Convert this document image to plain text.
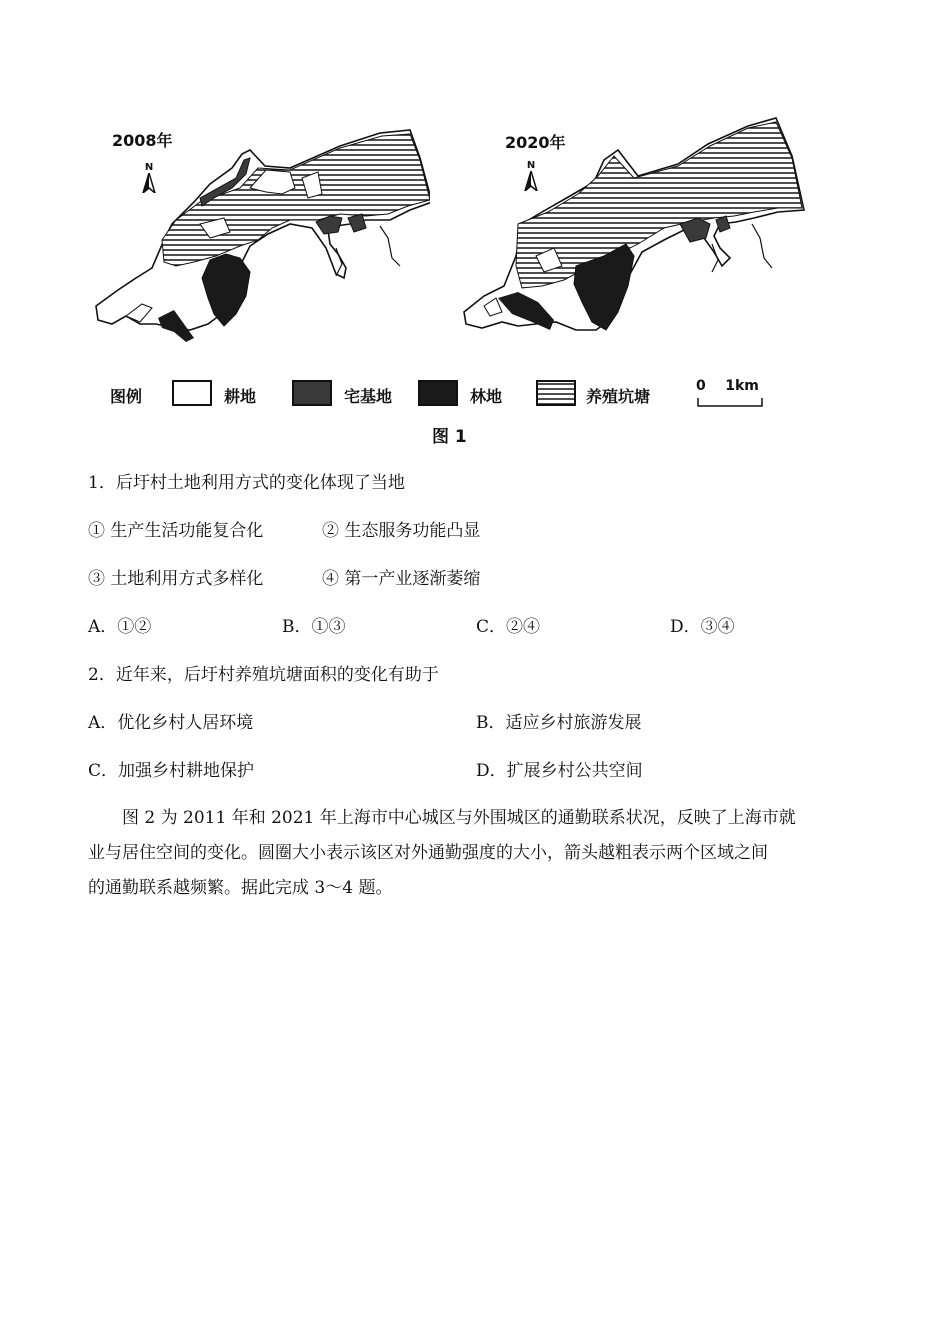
2008年	2020年
N	N
图例	耕地	宅基地	林地	养殖坑塘
0    1km
图 1
1．后圩村土地利用方式的变化体现了当地
① 生产生活功能复合化	② 生态服务功能凸显
③ 土地利用方式多样化	④ 第一产业逐渐萎缩
A．①②	B．①③	C．②④	D．③④
2．近年来，后圩村养殖坑塘面积的变化有助于
A．优化乡村人居环境	B．适应乡村旅游发展
C．加强乡村耕地保护	D．扩展乡村公共空间
图 2 为 2011 年和 2021 年上海市中心城区与外围城区的通勤联系状况，反映了上海市就
业与居住空间的变化。圆圈大小表示该区对外通勤强度的大小，箭头越粗表示两个区域之间
的通勤联系越频繁。据此完成 3～4 题。
